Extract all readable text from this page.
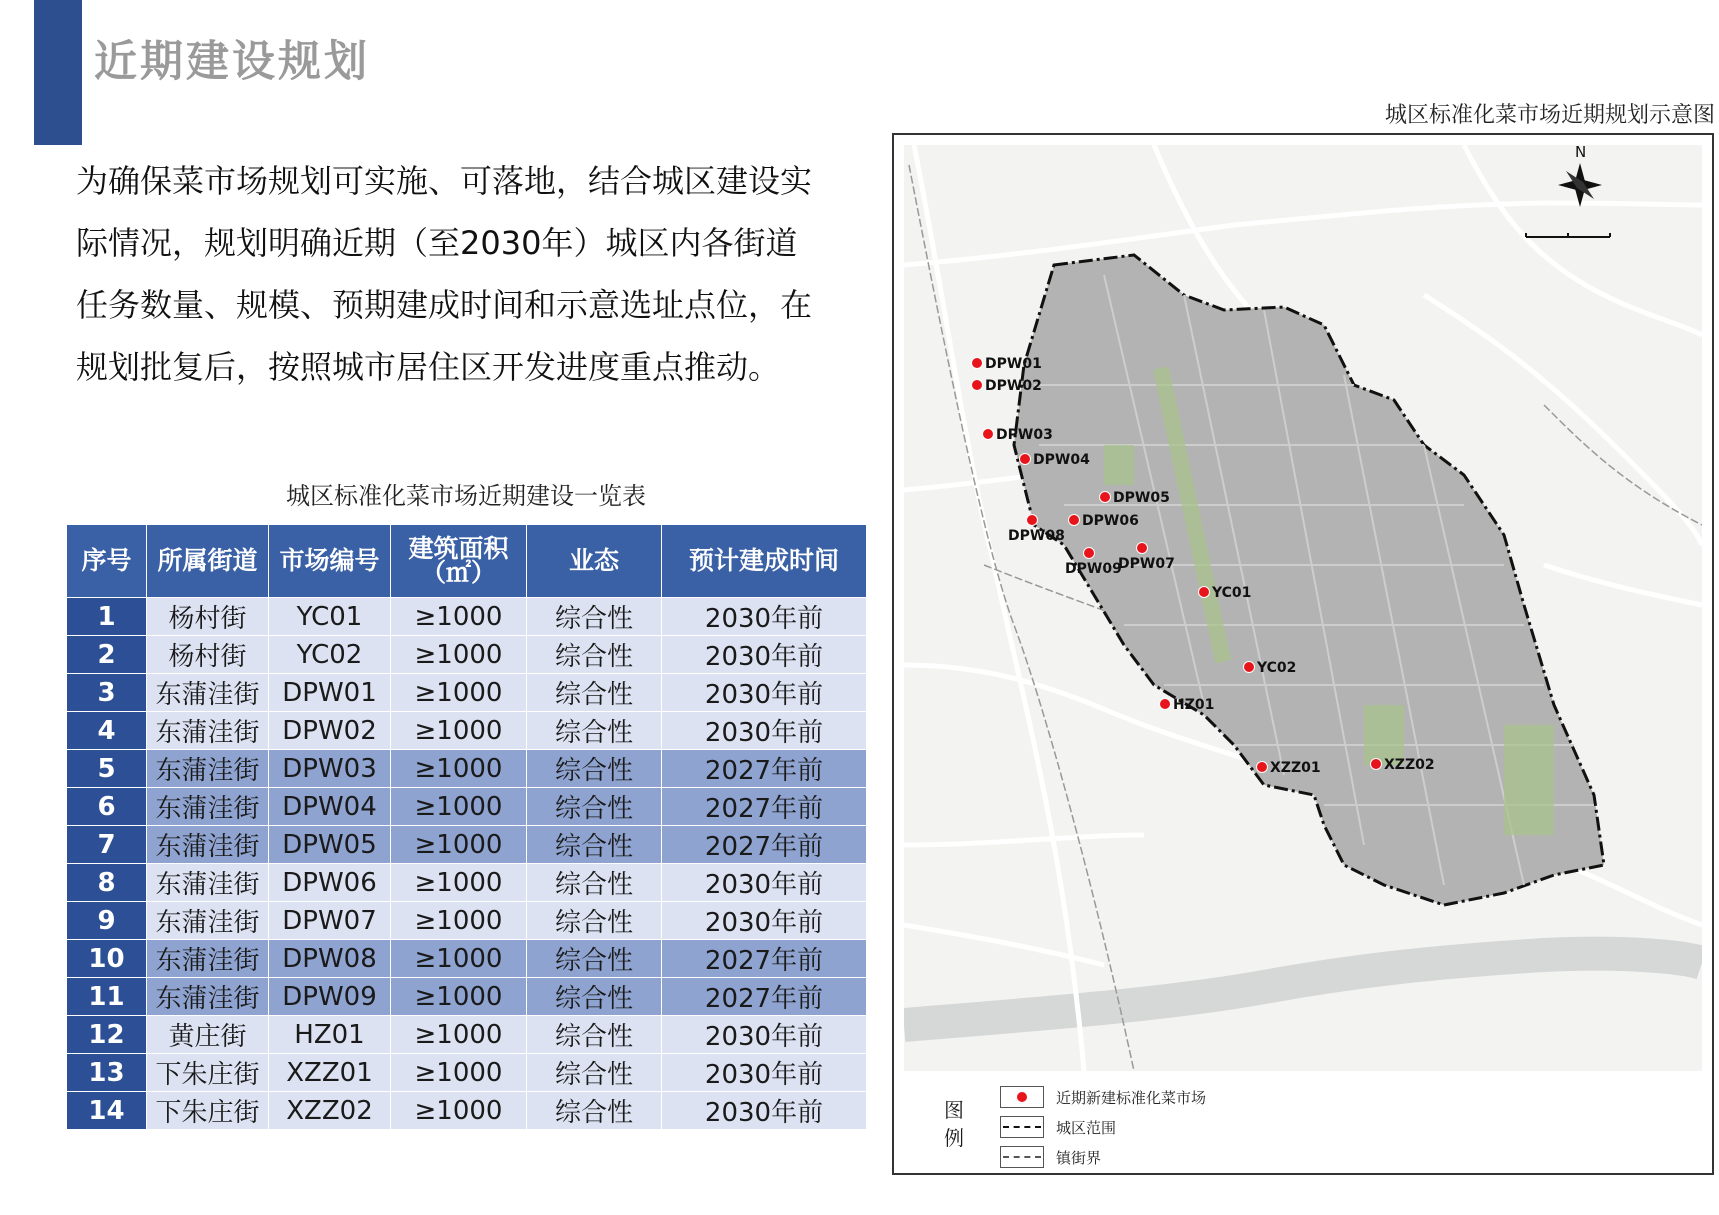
近期建设规划
为确保菜市场规划可实施、可落地，结合城区建设实
际情况，规划明确近期（至2030年）城区内各街道
任务数量、规模、预期建成时间和示意选址点位，在
规划批复后，按照城市居住区开发进度重点推动。
城区标准化菜市场近期建设一览表
序号	所属街道	市场编号	建筑面积
（㎡）	业态	预计建成时间
1	杨村街	YC01	≥1000	综合性	2030年前
2	杨村街	YC02	≥1000	综合性	2030年前
3	东蒲洼街	DPW01	≥1000	综合性	2030年前
4	东蒲洼街	DPW02	≥1000	综合性	2030年前
5	东蒲洼街	DPW03	≥1000	综合性	2027年前
6	东蒲洼街	DPW04	≥1000	综合性	2027年前
7	东蒲洼街	DPW05	≥1000	综合性	2027年前
8	东蒲洼街	DPW06	≥1000	综合性	2030年前
9	东蒲洼街	DPW07	≥1000	综合性	2030年前
10	东蒲洼街	DPW08	≥1000	综合性	2027年前
11	东蒲洼街	DPW09	≥1000	综合性	2027年前
12	黄庄街	HZ01	≥1000	综合性	2030年前
13	下朱庄街	XZZ01	≥1000	综合性	2030年前
14	下朱庄街	XZZ02	≥1000	综合性	2030年前
城区标准化菜市场近期规划示意图
N
DPW01
DPW02
DPW03
DPW04
DPW05
DPW06
DPW07
DPW08
DPW09
YC01
YC02
HZ01
XZZ01	XZZ02
图例
近期新建标准化菜市场
城区范围
镇街界
